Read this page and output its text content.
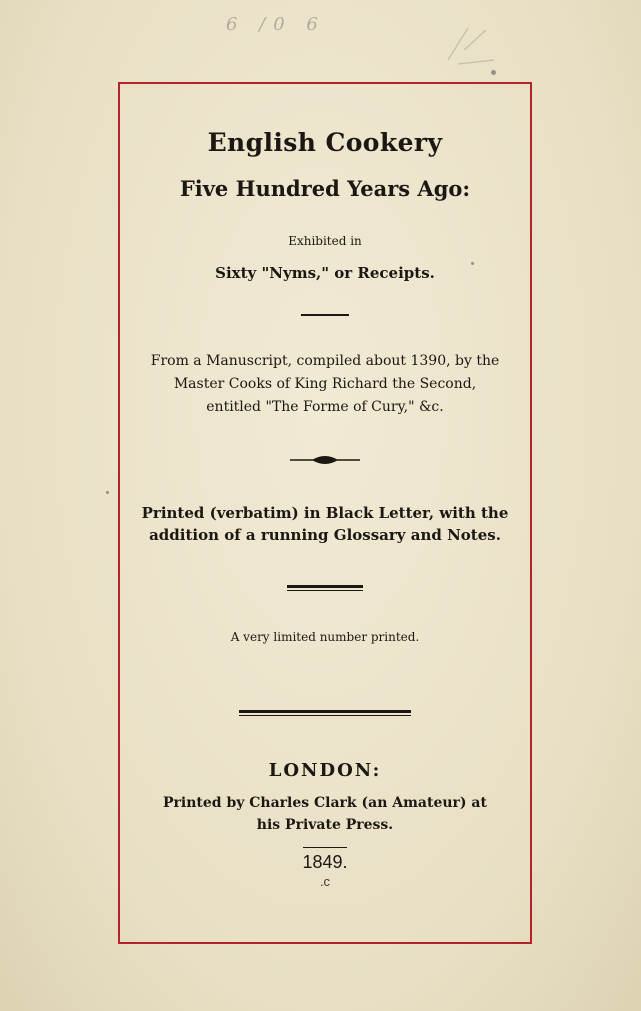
6 /0 6
English Cookery
Five Hundred Years Ago:
Exhibited in
Sixty "Nyms," or Receipts.
From a Manuscript, compiled about 1390, by the
Master Cooks of King Richard the Second,
entitled "The Forme of Cury," &c.
Printed (verbatim) in Black Letter, with the
addition of a running Glossary and Notes.
A very limited number printed.
LONDON:
Printed by Charles Clark (an Amateur) at
his Private Press.
1849.
.c
